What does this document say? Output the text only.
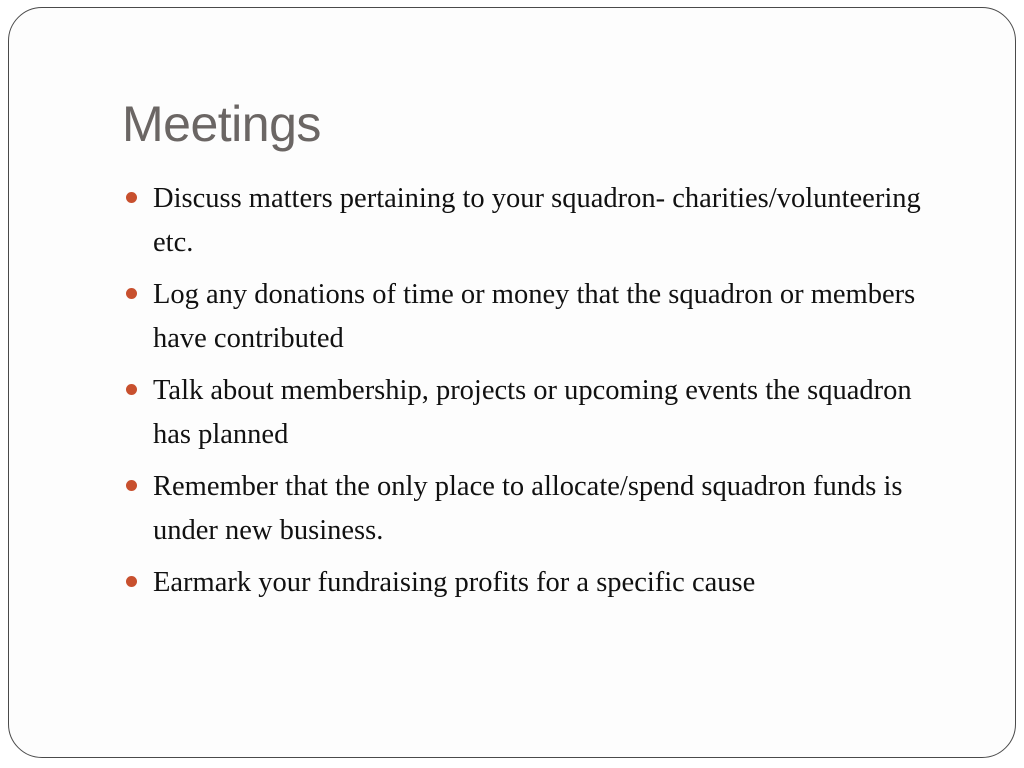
Meetings
Discuss matters pertaining to your squadron- charities/volunteering etc.
Log any donations of time or money that the squadron or members have contributed
Talk about membership, projects or upcoming events the squadron has planned
Remember that the only place to allocate/spend squadron funds is under new business.
Earmark your fundraising profits for a specific cause
